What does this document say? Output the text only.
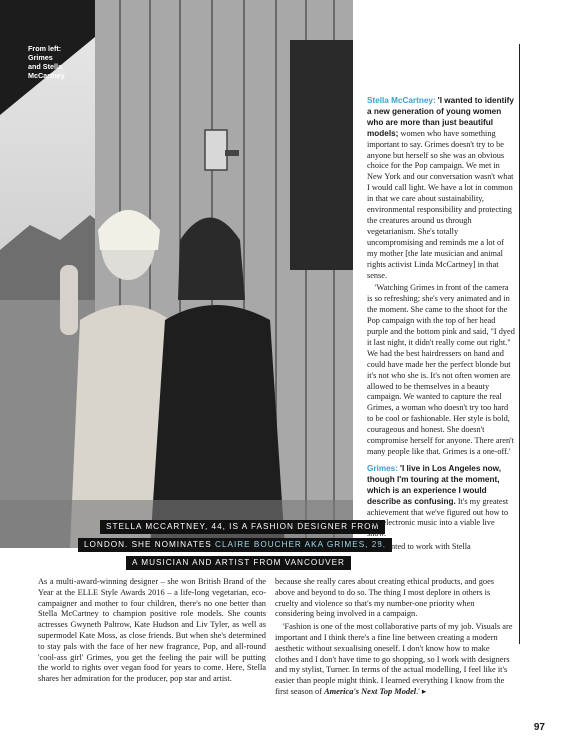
From left:
Grimes
and Stella
McCartney
STELLA MCCARTNEY, 44, IS A FASHION DESIGNER FROM
LONDON. SHE NOMINATES CLAIRE BOUCHER AKA GRIMES, 28,
A MUSICIAN AND ARTIST FROM VANCOUVER

As a multi-award-winning designer – she won British Brand of the Year at the ELLE Style Awards 2016 – a life-long vegetarian, eco-campaigner and mother to four children, there's no one better than Stella McCartney to champion positive role models. She counts actresses Gwyneth Paltrow, Kate Hudson and Liv Tyler, as well as supermodel Kate Moss, as close friends. But when she's determined to stay pals with the face of her new fragrance, Pop, and all-round 'cool-ass girl' Grimes, you get the feeling the pair will be putting the world to rights over vegan food for years to come. Here, Stella shares her admiration for the producer, pop star and artist.

Stella McCartney: 'I wanted to identify a new generation of young women who are more than just beautiful models; women who have something important to say. Grimes doesn't try to be anyone but herself so she was an obvious choice for the Pop campaign. We met in New York and our conversation wasn't what I would call light. We have a lot in common in that we care about sustainability, environmental responsibility and protecting the creatures around us through vegetarianism. She's totally uncompromising and reminds me a lot of my mother [the late musician and animal rights activist Linda McCartney] in that sense.

'Watching Grimes in front of the camera is so refreshing; she's very animated and in the moment. She came to the shoot for the Pop campaign with the top of her head purple and the bottom pink and said, "I dyed it last night, it didn't really come out right." We had the best hairdressers on hand and could have made her the perfect blonde but it's not who she is. It's not often women are allowed to be themselves in a beauty campaign. We wanted to capture the real Grimes, a woman who doesn't try too hard to be cool or fashionable. Her style is bold, courageous and honest. She doesn't compromise herself for anyone. There aren't many people like that. Grimes is a one-off.'

Grimes: 'I live in Los Angeles now, though I'm touring at the moment, which is an experience I would describe as confusing. It's my greatest achievement that we've figured out how to turn electronic music into a viable live show.

'I wanted to work with Stella

because she really cares about creating ethical products, and goes above and beyond to do so. The thing I most deplore in others is cruelty and violence so that's my number-one priority when considering being involved in a campaign.

'Fashion is one of the most collaborative parts of my job. Visuals are important and I think there's a fine line between creating a modern aesthetic without sexualising oneself. I don't know how to make clothes and I don't have time to go shopping, so I work with designers and my stylist, Turner. In terms of the actual modelling, I feel like it's easier than people might think. I learned everything I know from the first season of America's Next Top Model.' ▸

97
